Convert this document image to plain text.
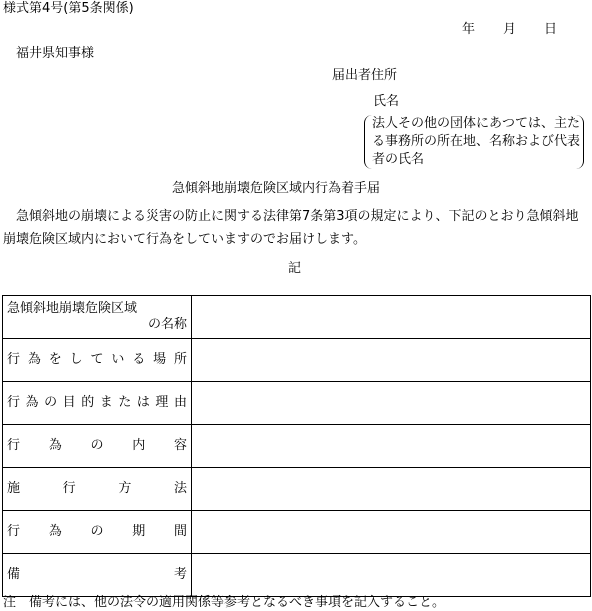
様式第4号(第5条関係)
年 月 日
福井県知事様
届出者住所
氏名
法人その他の団体にあつては、主たる事務所の所在地、名称および代表者の氏名
急傾斜地崩壊危険区域内行為着手届
急傾斜地の崩壊による災害の防止に関する法律第7条第3項の規定により、下記のとおり急傾斜地崩壊危険区域内において行為をしていますのでお届けします。
記
急傾斜地崩壊危険区域
の名称	

行為をしている場所	
行為の目的または理由	
行為の内容	
施行方法	
行為の期間	
備考	
注　備考には、他の法令の適用関係等参考となるべき事項を記入すること。
